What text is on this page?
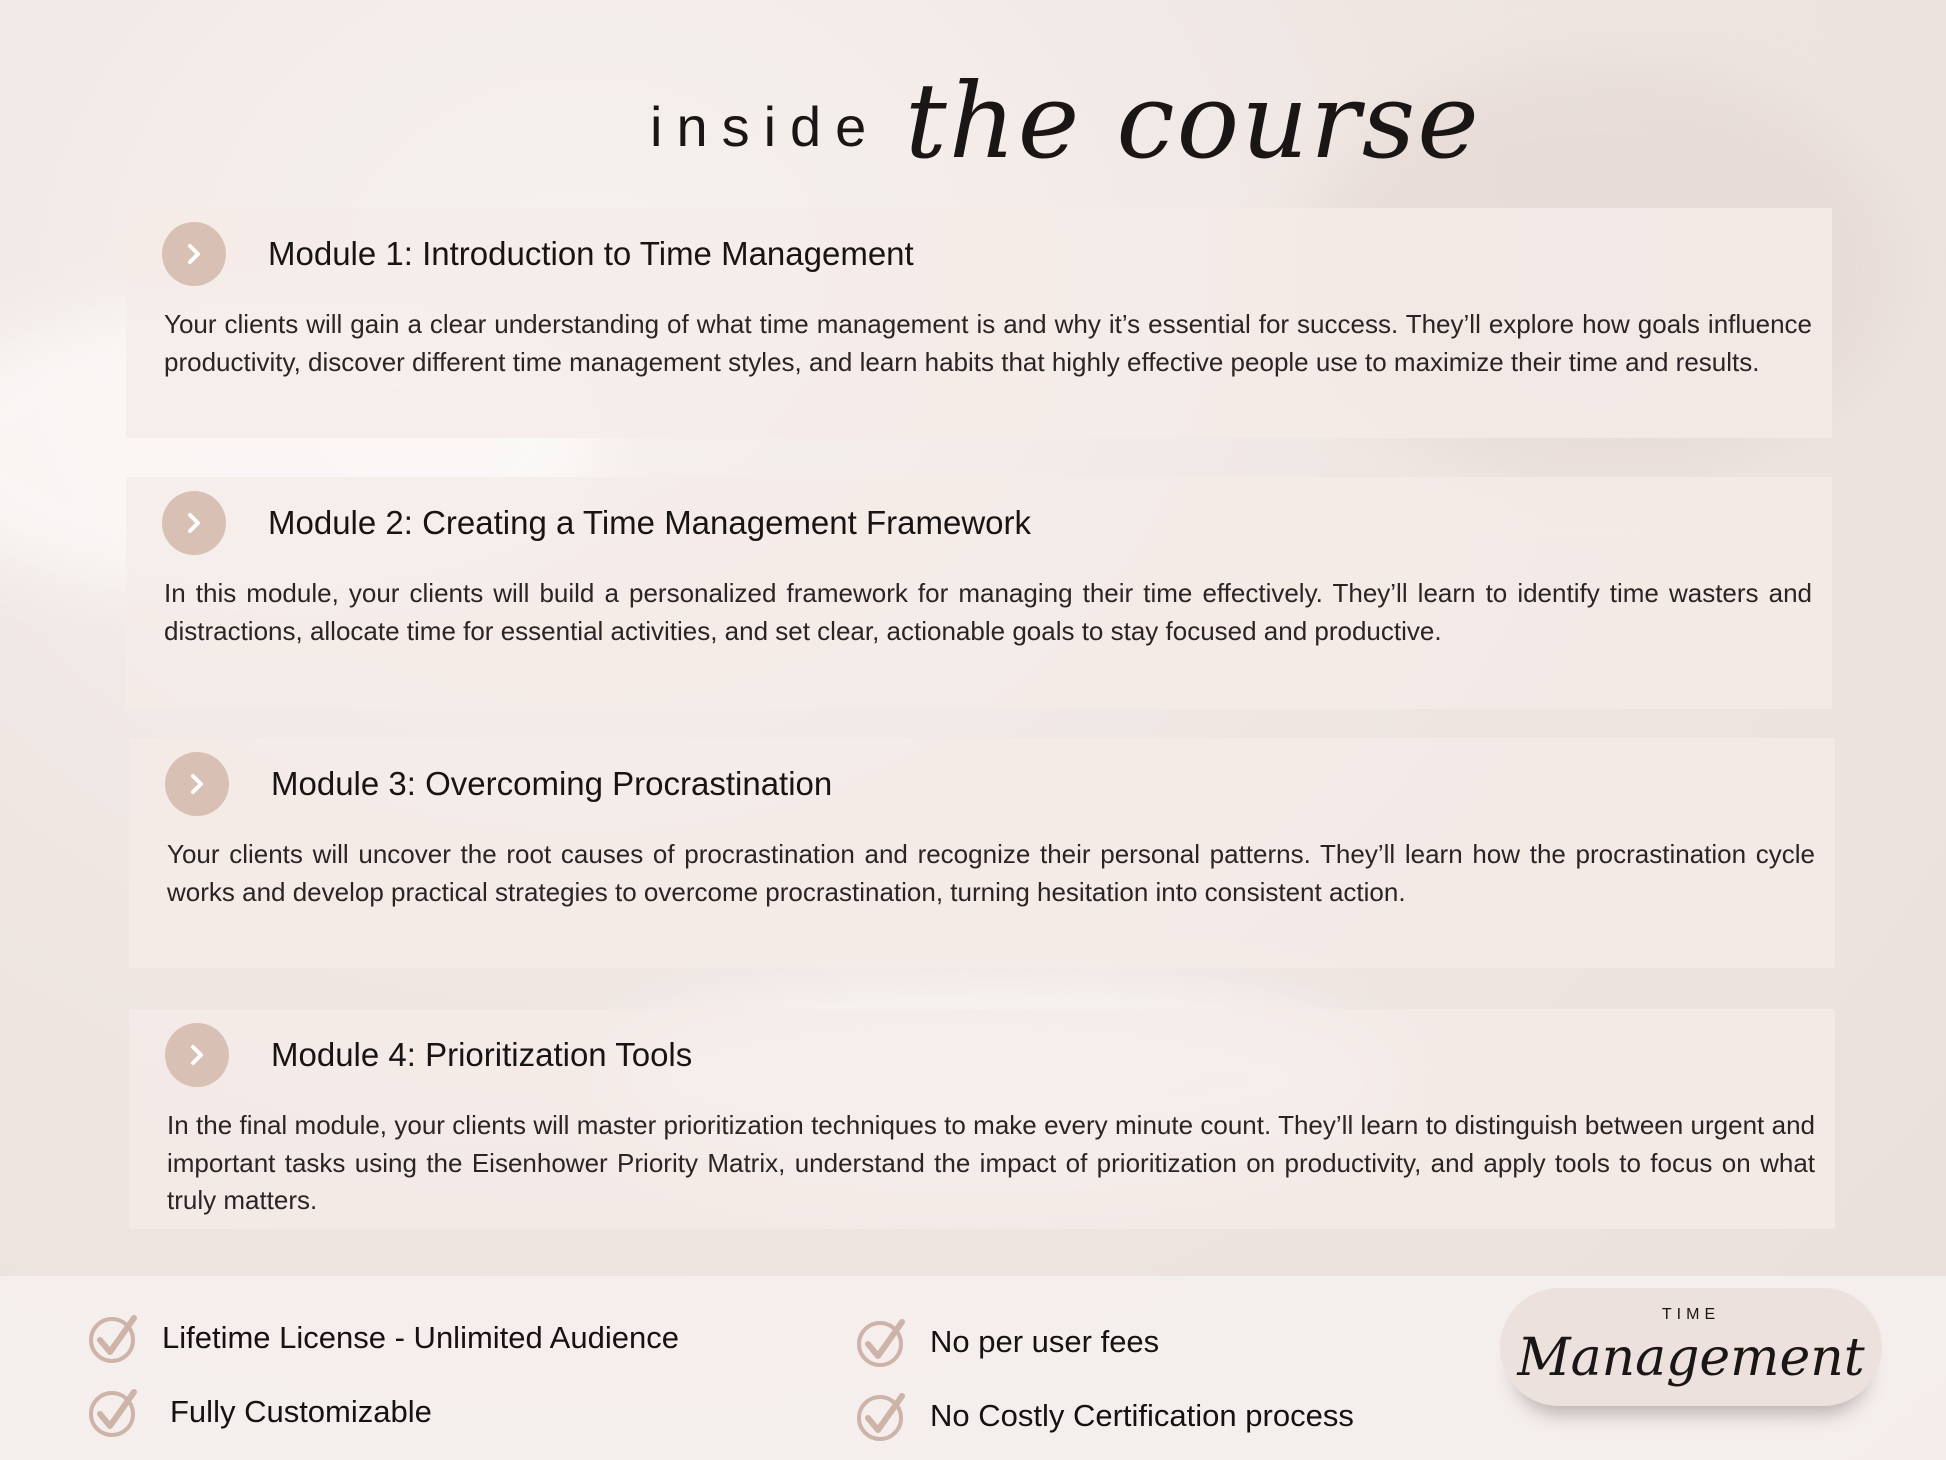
inside the course
Module 1: Introduction to Time Management
Your clients will gain a clear understanding of what time management is and why it’s essential for success. They’ll explore how goals influence productivity, discover different time management styles, and learn habits that highly effective people use to maximize their time and results.
Module 2: Creating a Time Management Framework
In this module, your clients will build a personalized framework for managing their time effectively. They’ll learn to identify time wasters and distractions, allocate time for essential activities, and set clear, actionable goals to stay focused and productive.
Module 3: Overcoming Procrastination
Your clients will uncover the root causes of procrastination and recognize their personal patterns. They’ll learn how the procrastination cycle works and develop practical strategies to overcome procrastination, turning hesitation into consistent action.
Module 4: Prioritization Tools
In the final module, your clients will master prioritization techniques to make every minute count. They’ll learn to distinguish between urgent and important tasks using the Eisenhower Priority Matrix, understand the impact of prioritization on productivity, and apply tools to focus on what truly matters.
Lifetime License - Unlimited Audience
Fully Customizable
No per user fees
No Costly Certification process
TIME
Management
